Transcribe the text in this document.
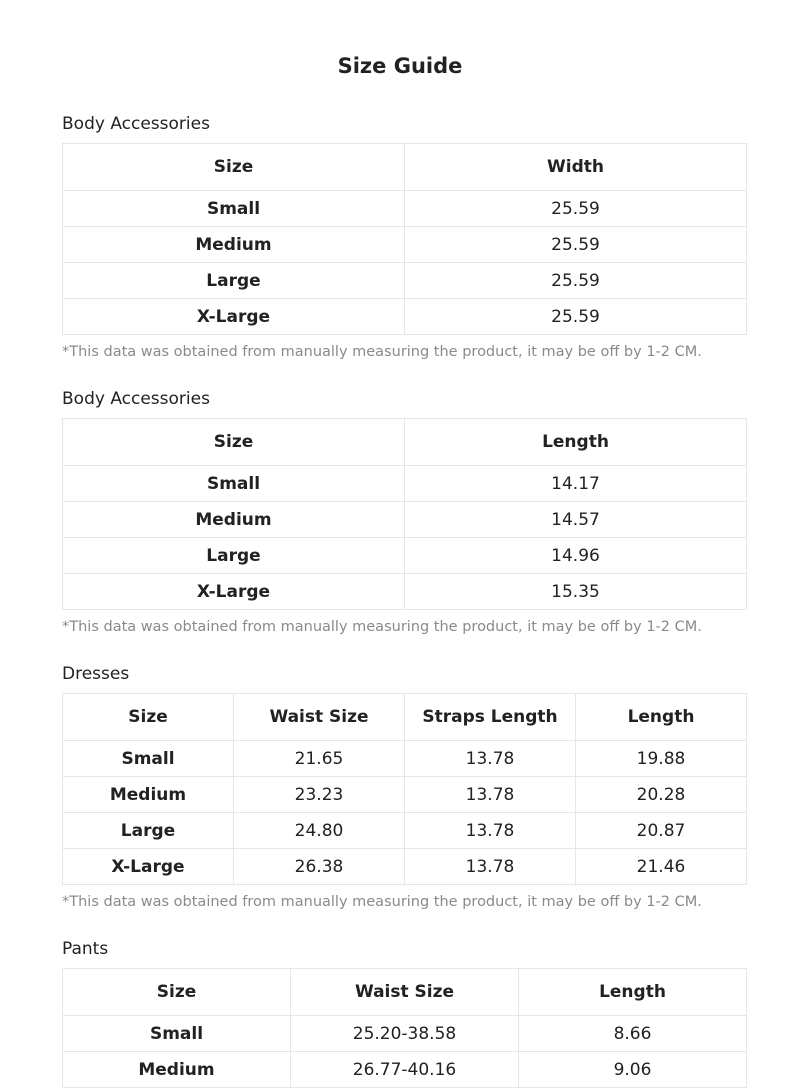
Size Guide
Body Accessories
Size	Width
Small	25.59
Medium	25.59
Large	25.59
X-Large	25.59
*This data was obtained from manually measuring the product, it may be off by 1-2 CM.
Body Accessories
Size	Length
Small	14.17
Medium	14.57
Large	14.96
X-Large	15.35
*This data was obtained from manually measuring the product, it may be off by 1-2 CM.
Dresses
Size	Waist Size	Straps Length	Length
Small	21.65	13.78	19.88
Medium	23.23	13.78	20.28
Large	24.80	13.78	20.87
X-Large	26.38	13.78	21.46
*This data was obtained from manually measuring the product, it may be off by 1-2 CM.
Pants
Size	Waist Size	Length
Small	25.20-38.58	8.66
Medium	26.77-40.16	9.06
